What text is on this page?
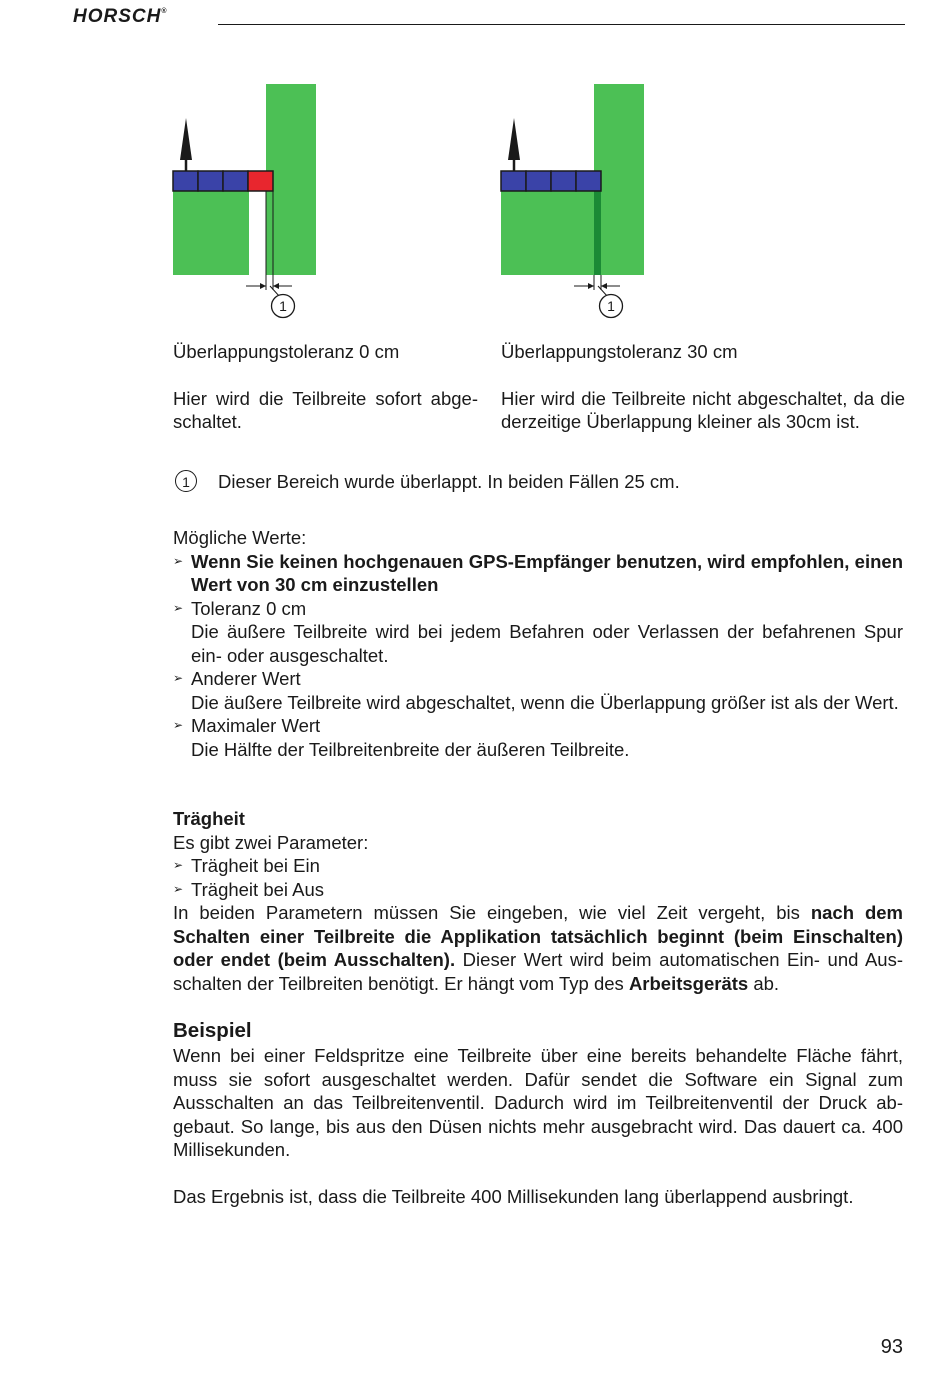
HORSCH®
1	1
Überlappungstoleranz 0 cm
Hier wird die Teilbreite sofort abgeschaltet.
Überlappungstoleranz 30 cm
Hier wird die Teilbreite nicht abgeschaltet, da die derzeitige Überlappung kleiner als 30cm ist.
1	Dieser Bereich wurde überlappt. In beiden Fällen 25 cm.
Mögliche Werte:
➢ Wenn Sie keinen hochgenauen GPS-Empfänger benutzen, wird empfohlen, einen Wert von 30 cm einzustellen
➢ Toleranz 0 cm
Die äußere Teilbreite wird bei jedem Befahren oder Verlassen der befahrenen Spur ein- oder ausgeschaltet.
➢ Anderer Wert
Die äußere Teilbreite wird abgeschaltet, wenn die Überlappung größer ist als der Wert.
➢ Maximaler Wert
Die Hälfte der Teilbreitenbreite der äußeren Teilbreite.
Trägheit
Es gibt zwei Parameter:
➢ Trägheit bei Ein
➢ Trägheit bei Aus
In beiden Parametern müssen Sie eingeben, wie viel Zeit vergeht, bis nach dem Schalten einer Teilbreite die Applikation tatsächlich beginnt (beim Einschalten) oder endet (beim Ausschalten). Dieser Wert wird beim automatischen Ein- und Ausschalten der Teilbreiten benötigt. Er hängt vom Typ des Arbeitsgeräts ab.
Beispiel
Wenn bei einer Feldspritze eine Teilbreite über eine bereits behandelte Fläche fährt, muss sie sofort ausgeschaltet werden. Dafür sendet die Software ein Signal zum Ausschalten an das Teilbreitenventil. Dadurch wird im Teilbreitenventil der Druck abgebaut. So lange, bis aus den Düsen nichts mehr ausgebracht wird. Das dauert ca. 400 Millisekunden.
Das Ergebnis ist, dass die Teilbreite 400 Millisekunden lang überlappend ausbringt.
93
